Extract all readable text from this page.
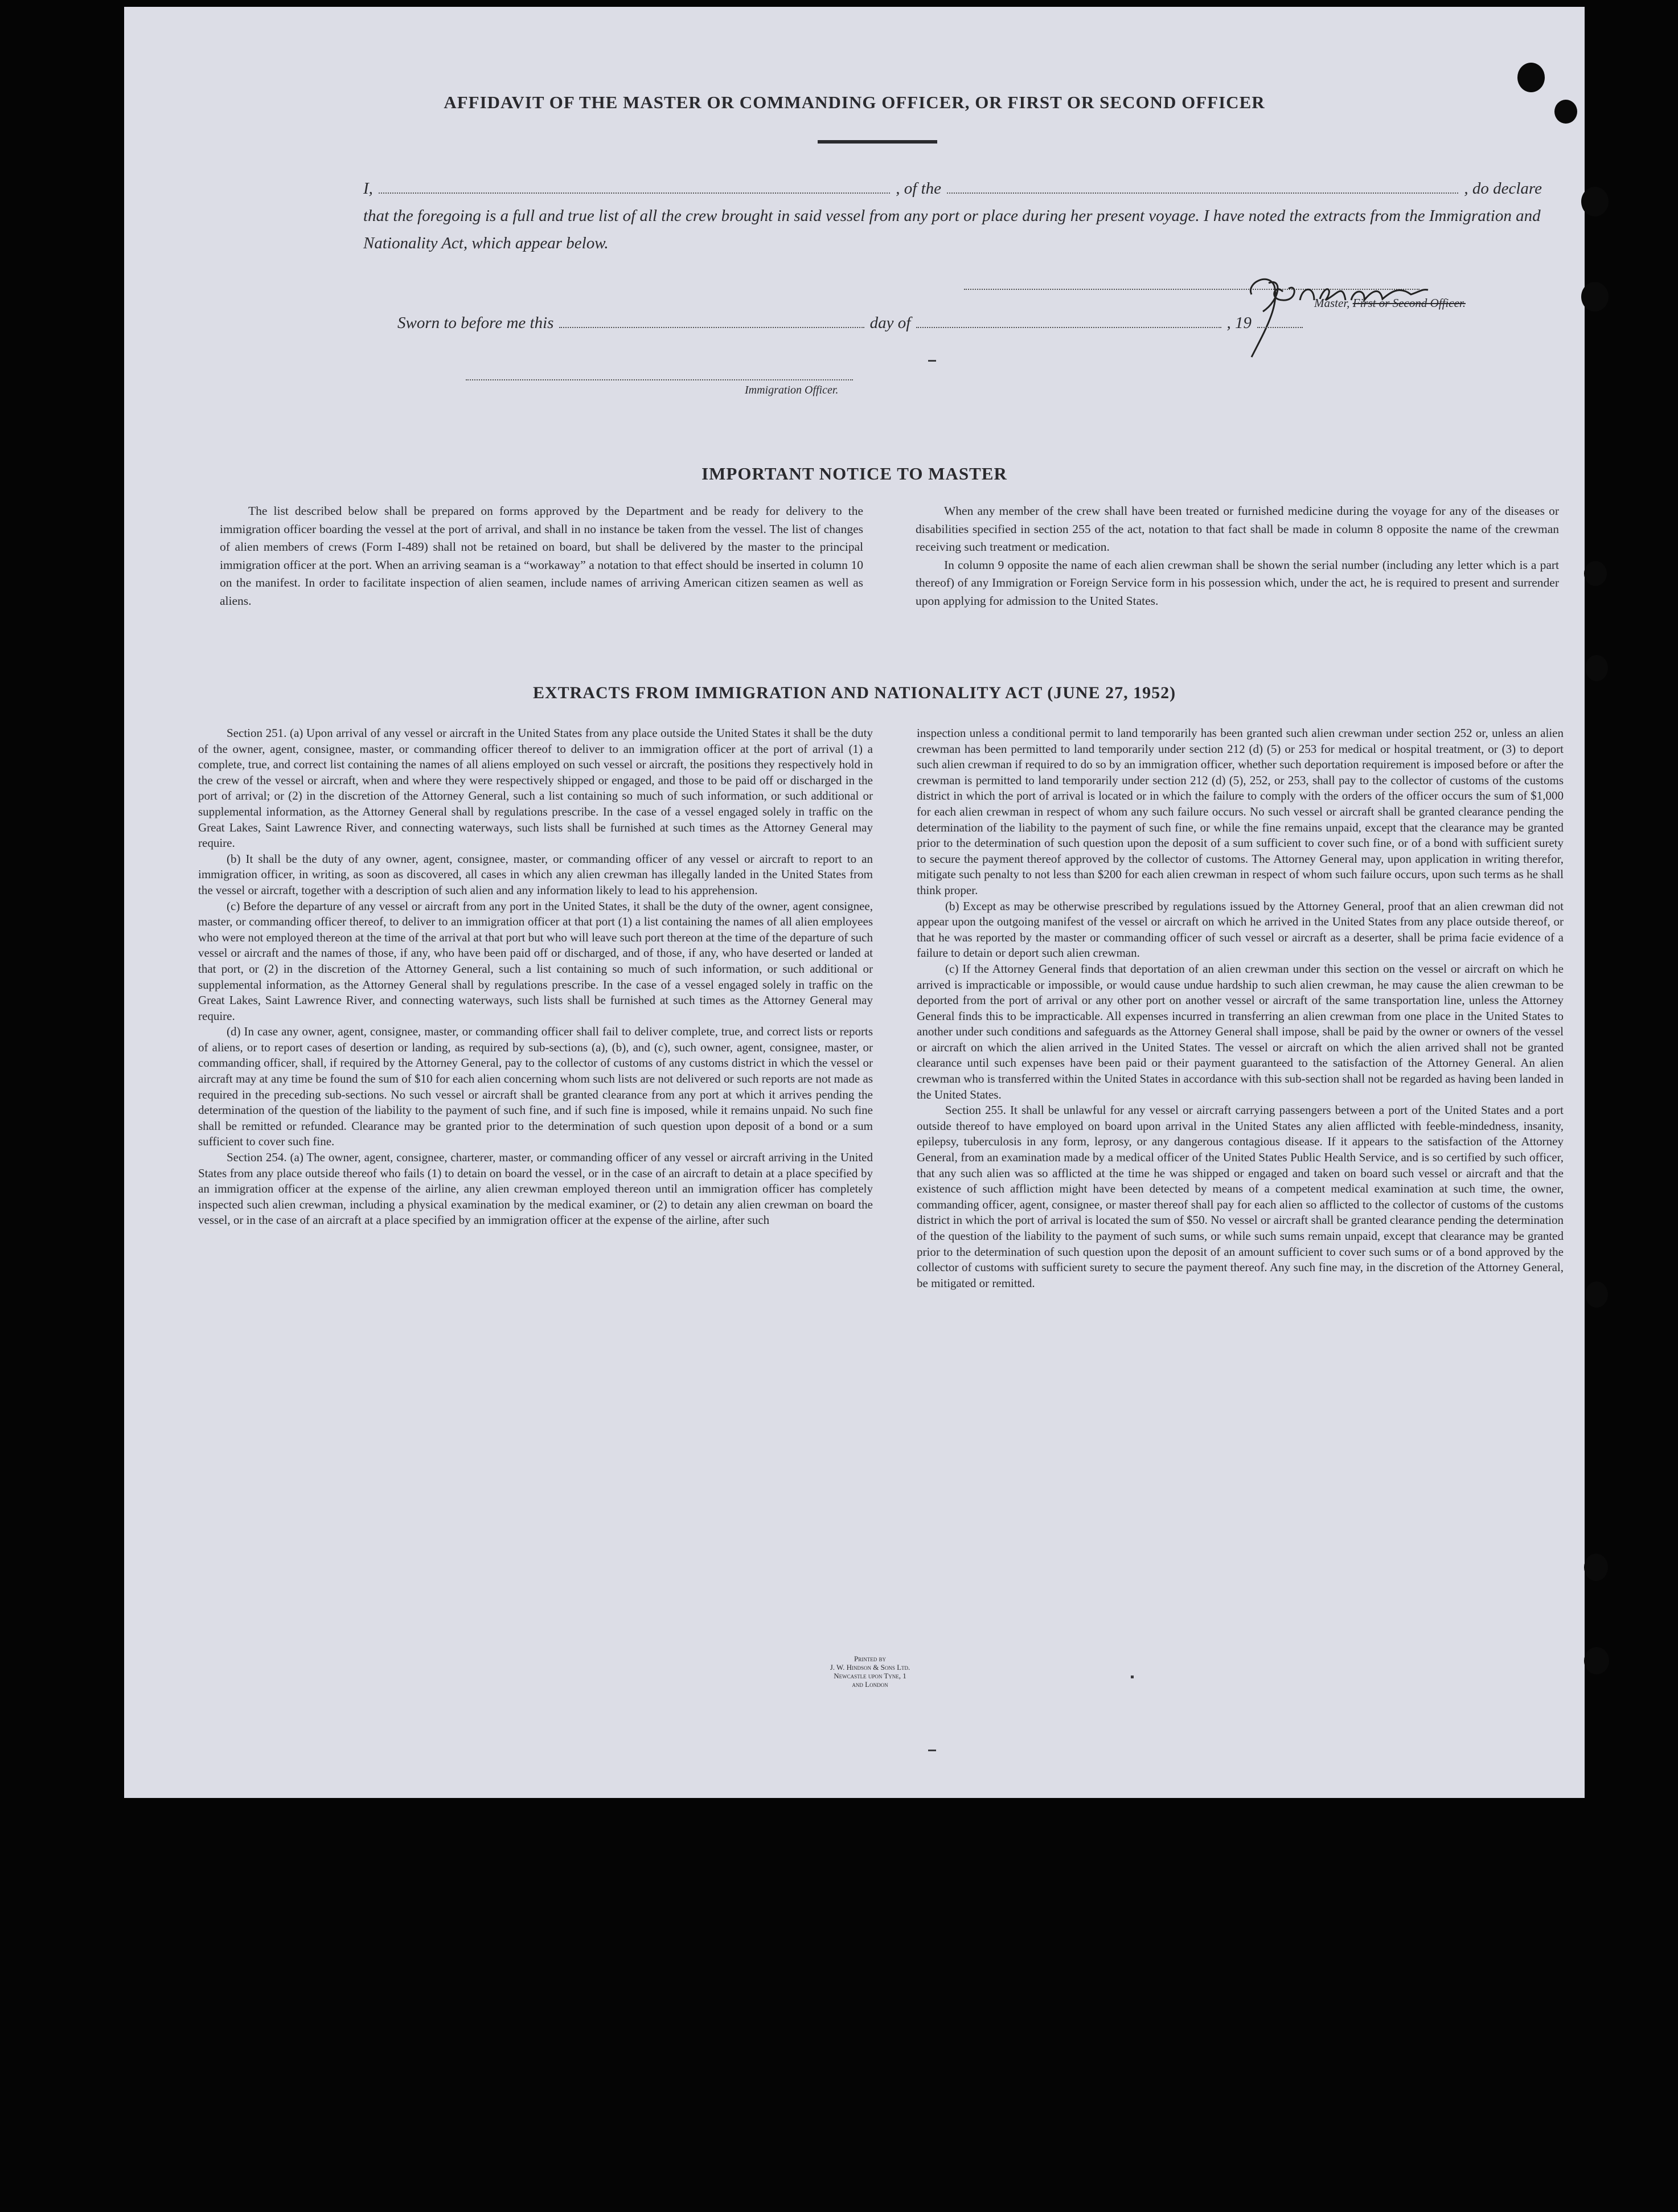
AFFIDAVIT OF THE MASTER OR COMMANDING OFFICER, OR FIRST OR SECOND OFFICER
I,	, of the	, do declare

that the foregoing is a full and true list of all the crew brought in said vessel from any port or place during her present voyage. I have noted the extracts from the Immigration and Nationality Act, which appear below.

Master, First or Second Officer.
Sworn to before me this	day of	, 19
Immigration Officer.
IMPORTANT NOTICE TO MASTER

The list described below shall be prepared on forms approved by the Department and be ready for delivery to the immigration officer boarding the vessel at the port of arrival, and shall in no instance be taken from the vessel. The list of changes of alien members of crews (Form I-489) shall not be retained on board, but shall be delivered by the master to the principal immigration officer at the port. When an arriving seaman is a “workaway” a notation to that effect should be inserted in column 10 on the manifest. In order to facilitate inspection of alien seamen, include names of arriving American citizen seamen as well as aliens.

When any member of the crew shall have been treated or furnished medicine during the voyage for any of the diseases or disabilities specified in section 255 of the act, notation to that fact shall be made in column 8 opposite the name of the crewman receiving such treatment or medication.

In column 9 opposite the name of each alien crewman shall be shown the serial number (including any letter which is a part thereof) of any Immigration or Foreign Service form in his possession which, under the act, he is required to present and surrender upon applying for admission to the United States.

EXTRACTS FROM IMMIGRATION AND NATIONALITY ACT (JUNE 27, 1952)

Section 251. (a) Upon arrival of any vessel or aircraft in the United States from any place outside the United States it shall be the duty of the owner, agent, consignee, master, or commanding officer thereof to deliver to an immigration officer at the port of arrival (1) a complete, true, and correct list containing the names of all aliens employed on such vessel or aircraft, the positions they respectively hold in the crew of the vessel or aircraft, when and where they were respectively shipped or engaged, and those to be paid off or discharged in the port of arrival; or (2) in the discretion of the Attorney General, such a list containing so much of such information, or such additional or supplemental information, as the Attorney General shall by regulations prescribe. In the case of a vessel engaged solely in traffic on the Great Lakes, Saint Lawrence River, and connecting waterways, such lists shall be furnished at such times as the Attorney General may require.

(b) It shall be the duty of any owner, agent, consignee, master, or commanding officer of any vessel or aircraft to report to an immigration officer, in writing, as soon as discovered, all cases in which any alien crewman has illegally landed in the United States from the vessel or aircraft, together with a description of such alien and any information likely to lead to his apprehension.

(c) Before the departure of any vessel or aircraft from any port in the United States, it shall be the duty of the owner, agent consignee, master, or commanding officer thereof, to deliver to an immigration officer at that port (1) a list containing the names of all alien employees who were not employed thereon at the time of the arrival at that port but who will leave such port thereon at the time of the departure of such vessel or aircraft and the names of those, if any, who have been paid off or discharged, and of those, if any, who have deserted or landed at that port, or (2) in the discretion of the Attorney General, such a list containing so much of such information, or such additional or supplemental information, as the Attorney General shall by regulations prescribe. In the case of a vessel engaged solely in traffic on the Great Lakes, Saint Lawrence River, and connecting waterways, such lists shall be furnished at such times as the Attorney General may require.

(d) In case any owner, agent, consignee, master, or commanding officer shall fail to deliver complete, true, and correct lists or reports of aliens, or to report cases of desertion or landing, as required by sub-sections (a), (b), and (c), such owner, agent, consignee, master, or commanding officer, shall, if required by the Attorney General, pay to the collector of customs of any customs district in which the vessel or aircraft may at any time be found the sum of $10 for each alien concerning whom such lists are not delivered or such reports are not made as required in the preceding sub-sections. No such vessel or aircraft shall be granted clearance from any port at which it arrives pending the determination of the question of the liability to the payment of such fine, and if such fine is imposed, while it remains unpaid. No such fine shall be remitted or refunded. Clearance may be granted prior to the determination of such question upon deposit of a bond or a sum sufficient to cover such fine.

Section 254. (a) The owner, agent, consignee, charterer, master, or commanding officer of any vessel or aircraft arriving in the United States from any place outside thereof who fails (1) to detain on board the vessel, or in the case of an aircraft to detain at a place specified by an immigration officer at the expense of the airline, any alien crewman employed thereon until an immigration officer has completely inspected such alien crewman, including a physical examination by the medical examiner, or (2) to detain any alien crewman on board the vessel, or in the case of an aircraft at a place specified by an immigration officer at the expense of the airline, after such

inspection unless a conditional permit to land temporarily has been granted such alien crewman under section 252 or, unless an alien crewman has been permitted to land temporarily under section 212 (d) (5) or 253 for medical or hospital treatment, or (3) to deport such alien crewman if required to do so by an immigration officer, whether such deportation requirement is imposed before or after the crewman is permitted to land temporarily under section 212 (d) (5), 252, or 253, shall pay to the collector of customs of the customs district in which the port of arrival is located or in which the failure to comply with the orders of the officer occurs the sum of $1,000 for each alien crewman in respect of whom any such failure occurs. No such vessel or aircraft shall be granted clearance pending the determination of the liability to the payment of such fine, or while the fine remains unpaid, except that the clearance may be granted prior to the determination of such question upon the deposit of a sum sufficient to cover such fine, or of a bond with sufficient surety to secure the payment thereof approved by the collector of customs. The Attorney General may, upon application in writing therefor, mitigate such penalty to not less than $200 for each alien crewman in respect of whom such failure occurs, upon such terms as he shall think proper.

(b) Except as may be otherwise prescribed by regulations issued by the Attorney General, proof that an alien crewman did not appear upon the outgoing manifest of the vessel or aircraft on which he arrived in the United States from any place outside thereof, or that he was reported by the master or commanding officer of such vessel or aircraft as a deserter, shall be prima facie evidence of a failure to detain or deport such alien crewman.

(c) If the Attorney General finds that deportation of an alien crewman under this section on the vessel or aircraft on which he arrived is impracticable or impossible, or would cause undue hardship to such alien crewman, he may cause the alien crewman to be deported from the port of arrival or any other port on another vessel or aircraft of the same transportation line, unless the Attorney General finds this to be impracticable. All expenses incurred in transferring an alien crewman from one place in the United States to another under such conditions and safeguards as the Attorney General shall impose, shall be paid by the owner or owners of the vessel or aircraft on which the alien arrived in the United States. The vessel or aircraft on which the alien arrived shall not be granted clearance until such expenses have been paid or their payment guaranteed to the satisfaction of the Attorney General. An alien crewman who is transferred within the United States in accordance with this sub-section shall not be regarded as having been landed in the United States.

Section 255. It shall be unlawful for any vessel or aircraft carrying passengers between a port of the United States and a port outside thereof to have employed on board upon arrival in the United States any alien afflicted with feeble-mindedness, insanity, epilepsy, tuberculosis in any form, leprosy, or any dangerous contagious disease. If it appears to the satisfaction of the Attorney General, from an examination made by a medical officer of the United States Public Health Service, and is so certified by such officer, that any such alien was so afflicted at the time he was shipped or engaged and taken on board such vessel or aircraft and that the existence of such affliction might have been detected by means of a competent medical examination at such time, the owner, commanding officer, agent, consignee, or master thereof shall pay for each alien so afflicted to the collector of customs of the customs district in which the port of arrival is located the sum of $50. No vessel or aircraft shall be granted clearance pending the determination of the question of the liability to the payment of such sums, or while such sums remain unpaid, except that clearance may be granted prior to the determination of such question upon the deposit of an amount sufficient to cover such sums or of a bond approved by the collector of customs with sufficient surety to secure the payment thereof. Any such fine may, in the discretion of the Attorney General, be mitigated or remitted.

Printed by
J. W. Hindson & Sons Ltd.
Newcastle upon Tyne, 1
and London
